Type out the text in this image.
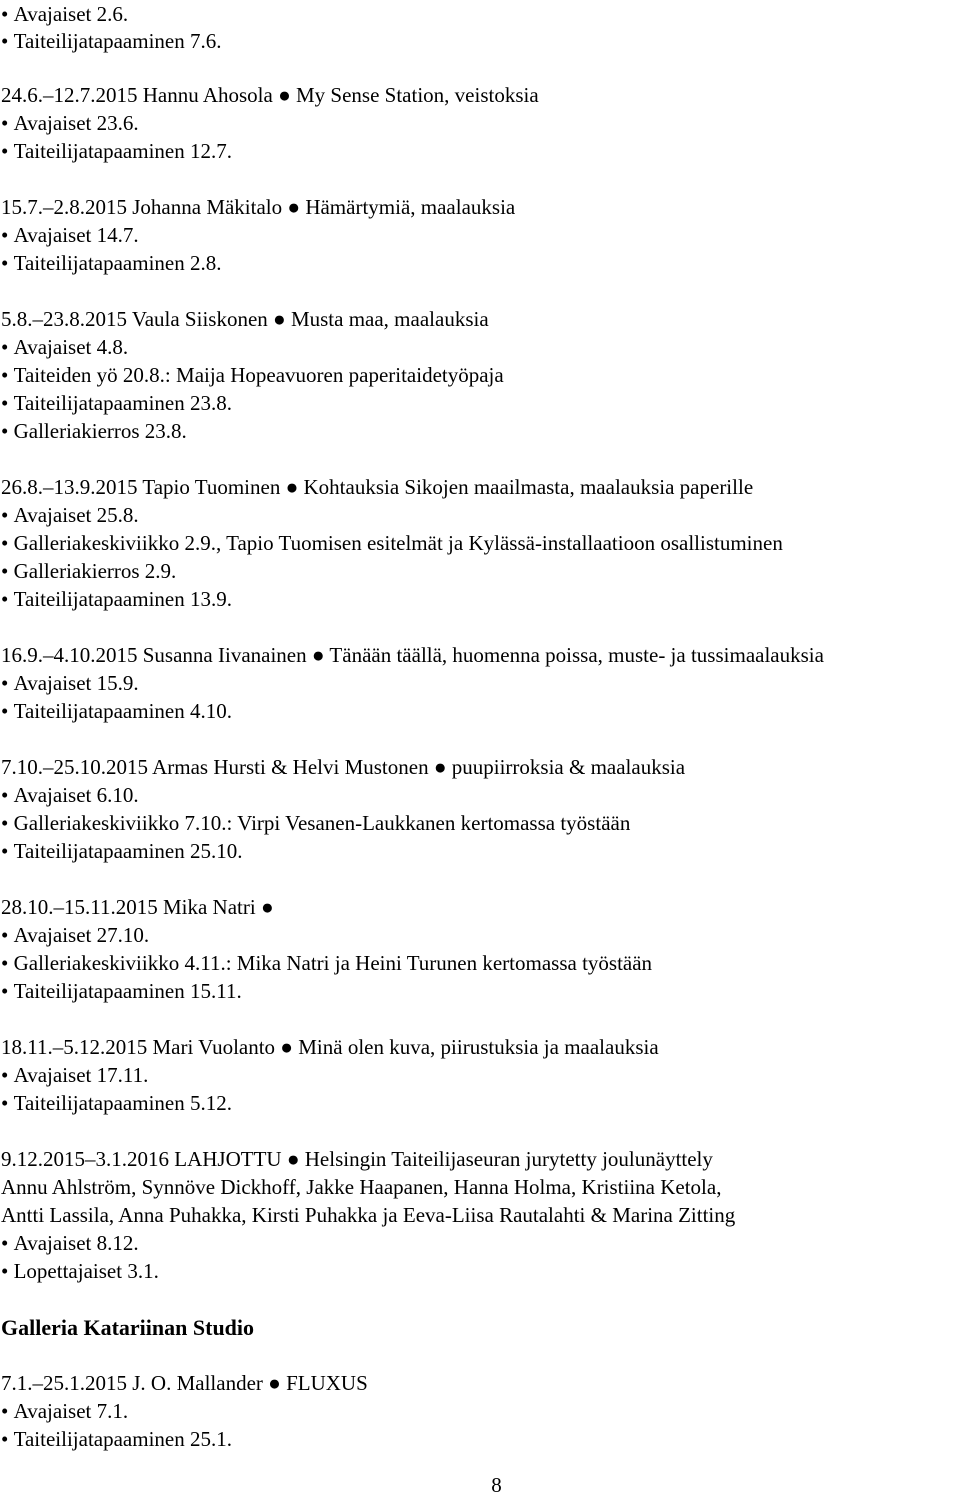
• Avajaiset 2.6.
• Taiteilijatapaaminen 7.6.
24.6.–12.7.2015 Hannu Ahosola ● My Sense Station, veistoksia
• Avajaiset 23.6.
• Taiteilijatapaaminen 12.7.
15.7.–2.8.2015 Johanna Mäkitalo ● Hämärtymiä, maalauksia
• Avajaiset 14.7.
• Taiteilijatapaaminen 2.8.
5.8.–23.8.2015 Vaula Siiskonen ● Musta maa, maalauksia
• Avajaiset 4.8.
• Taiteiden yö 20.8.: Maija Hopeavuoren paperitaidetyöpaja
• Taiteilijatapaaminen 23.8.
• Galleriakierros 23.8.
26.8.–13.9.2015 Tapio Tuominen ● Kohtauksia Sikojen maailmasta, maalauksia paperille
• Avajaiset 25.8.
• Galleriakeskiviikko 2.9., Tapio Tuomisen esitelmät ja Kylässä-installaatioon osallistuminen
• Galleriakierros 2.9.
• Taiteilijatapaaminen 13.9.
16.9.–4.10.2015 Susanna Iivanainen ● Tänään täällä, huomenna poissa, muste- ja tussimaalauksia
• Avajaiset 15.9.
• Taiteilijatapaaminen 4.10.
7.10.–25.10.2015 Armas Hursti & Helvi Mustonen ● puupiirroksia & maalauksia
• Avajaiset 6.10.
• Galleriakeskiviikko 7.10.: Virpi Vesanen-Laukkanen kertomassa työstään
• Taiteilijatapaaminen 25.10.
28.10.–15.11.2015 Mika Natri ●
• Avajaiset 27.10.
• Galleriakeskiviikko 4.11.: Mika Natri ja Heini Turunen kertomassa työstään
• Taiteilijatapaaminen 15.11.
18.11.–5.12.2015 Mari Vuolanto ● Minä olen kuva, piirustuksia ja maalauksia
• Avajaiset 17.11.
• Taiteilijatapaaminen 5.12.
9.12.2015–3.1.2016 LAHJOTTU ● Helsingin Taiteilijaseuran jurytetty joulunäyttely
Annu Ahlström, Synnöve Dickhoff, Jakke Haapanen, Hanna Holma, Kristiina Ketola,
Antti Lassila, Anna Puhakka, Kirsti Puhakka ja Eeva-Liisa Rautalahti & Marina Zitting
• Avajaiset 8.12.
• Lopettajaiset 3.1.
Galleria Katariinan Studio
7.1.–25.1.2015 J. O. Mallander ● FLUXUS
• Avajaiset 7.1.
• Taiteilijatapaaminen 25.1.
8
